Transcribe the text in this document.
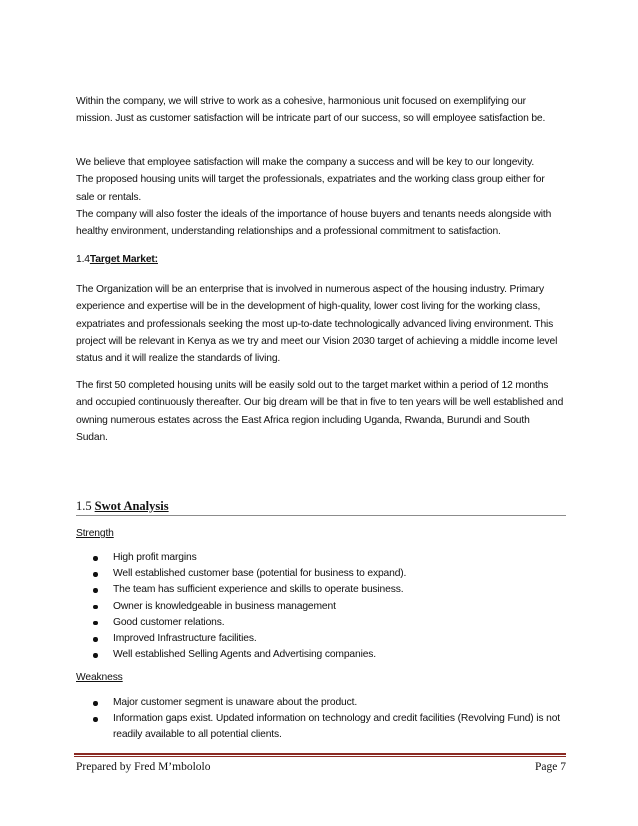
Within the company, we will strive to work as a cohesive, harmonious unit focused on exemplifying our mission. Just as customer satisfaction will be intricate part of our success, so will employee satisfaction be.

We believe that employee satisfaction will make the company a success and will be key to our longevity.
The proposed housing units will target the professionals, expatriates and the working class group either for sale or rentals.
The company will also foster the ideals of the importance of house buyers and tenants needs alongside with healthy environment, understanding relationships and a professional commitment to satisfaction.
1.4Target Market:

The Organization will be an enterprise that is involved in numerous aspect of the housing industry. Primary experience and expertise will be in the development of high-quality, lower cost living for the working class, expatriates and professionals seeking the most up-to-date technologically advanced living environment. This project will be relevant in Kenya as we try and meet our Vision 2030 target of achieving a middle income level status and it will realize the standards of living.

The first 50 completed housing units will be easily sold out to the target market within a period of 12 months and occupied continuously thereafter. Our big dream will be that in five to ten years will be well established and owning numerous estates across the East Africa region including Uganda, Rwanda, Burundi and South Sudan.

1.5 Swot Analysis
Strength
High profit margins
Well established customer base (potential for business to expand).
The team has sufficient experience and skills to operate business.
Owner is knowledgeable in business management
Good customer relations.
Improved Infrastructure facilities.
Well established Selling Agents and Advertising companies.
Weakness
Major customer segment is unaware about the product.
Information gaps exist. Updated information on technology and credit facilities (Revolving Fund) is not readily available to all potential clients.
Prepared by Fred M’mbololo	Page 7
